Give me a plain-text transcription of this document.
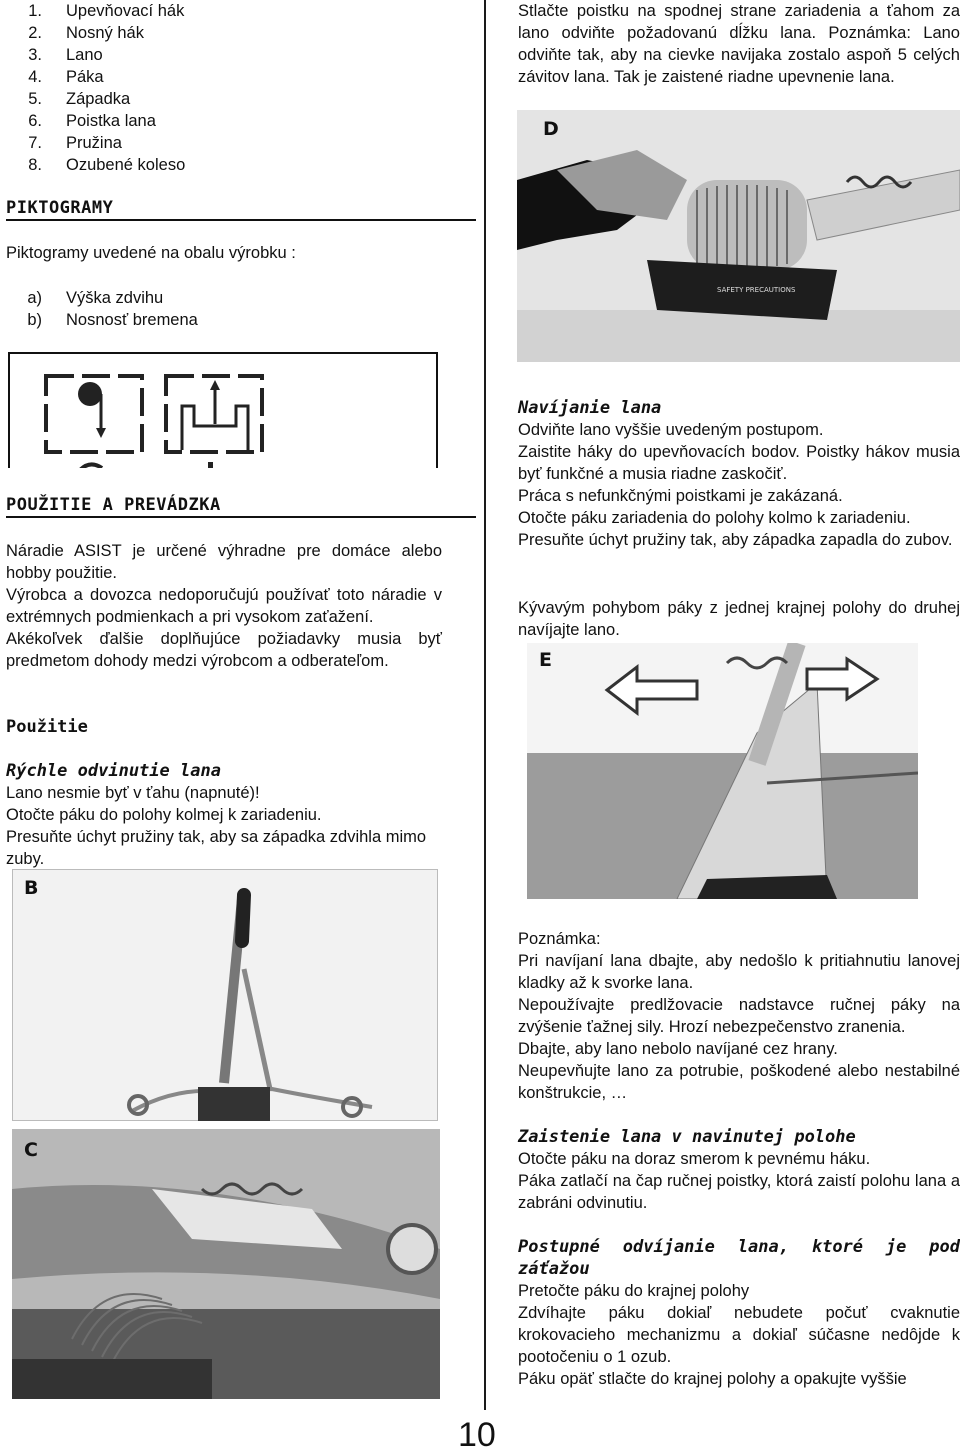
1. Upevňovací hák
2. Nosný hák
3. Lano
4. Páka
5. Západka
6. Poistka lana
7. Pružina
8. Ozubené koleso
PIKTOGRAMY
Piktogramy uvedené na obalu výrobku :
a) Výška zdvihu
b) Nosnosť bremena
POUŽITIE A PREVÁDZKA

Náradie ASIST je určené výhradne pre domáce alebo hobby použitie.

Výrobca a dovozca nedoporučujú používať toto náradie v extrémnych podmienkach a pri vysokom zaťažení.

Akékoľvek ďalšie doplňujúce požiadavky musia byť predmetom dohody medzi výrobcom a odberateľom.

Použitie
Rýchle odvinutie lana

Lano nesmie byť v ťahu (napnuté)!

Otočte páku do polohy kolmej k zariadeniu.

Presuňte úchyt pružiny tak, aby sa západka zdvihla mimo zuby.

B
C
Stlačte poistku na spodnej strane zariadenia a ťahom za lano odviňte požadovanú dĺžku lana. Poznámka: Lano odviňte tak, aby na cievke navijaka zostalo aspoň 5 celých závitov lana. Tak je zaistené riadne upevnenie lana.
SAFETY PRECAUTIONS
D
Navíjanie lana

Odviňte lano vyššie uvedeným postupom.

Zaistite háky do upevňovacích bodov. Poistky hákov musia byť funkčné a musia riadne zaskočiť.

Práca s nefunkčnými poistkami je zakázaná.

Otočte páku zariadenia do polohy kolmo k zariadeniu.

Presuňte úchyt pružiny tak, aby západka zapadla do zubov.

Kývavým pohybom páky z jednej krajnej polohy do druhej navíjajte lano.
E
Poznámka:

Pri navíjaní lana dbajte, aby nedošlo k pritiahnutiu lanovej kladky až k svorke lana.

Nepoužívajte predlžovacie nadstavce ručnej páky na zvýšenie ťažnej sily. Hrozí nebezpečenstvo zranenia.

Dbajte, aby lano nebolo navíjané cez hrany.

Neupevňujte lano za potrubie, poškodené alebo nestabilné konštrukcie, …

Zaistenie lana v navinutej polohe

Otočte páku na doraz smerom k pevnému háku.

Páka zatlačí na čap ručnej poistky, ktorá zaistí polohu lana a zabráni odvinutiu.

Postupné odvíjanie lana, ktoré je pod záťažou

Pretočte páku do krajnej polohy

Zdvíhajte páku dokiaľ nebudete počuť cvaknutie krokovacieho mechanizmu a dokiaľ súčasne nedôjde k pootočeniu o 1 ozub.

Páku opäť stlačte do krajnej polohy a opakujte vyššie

10
